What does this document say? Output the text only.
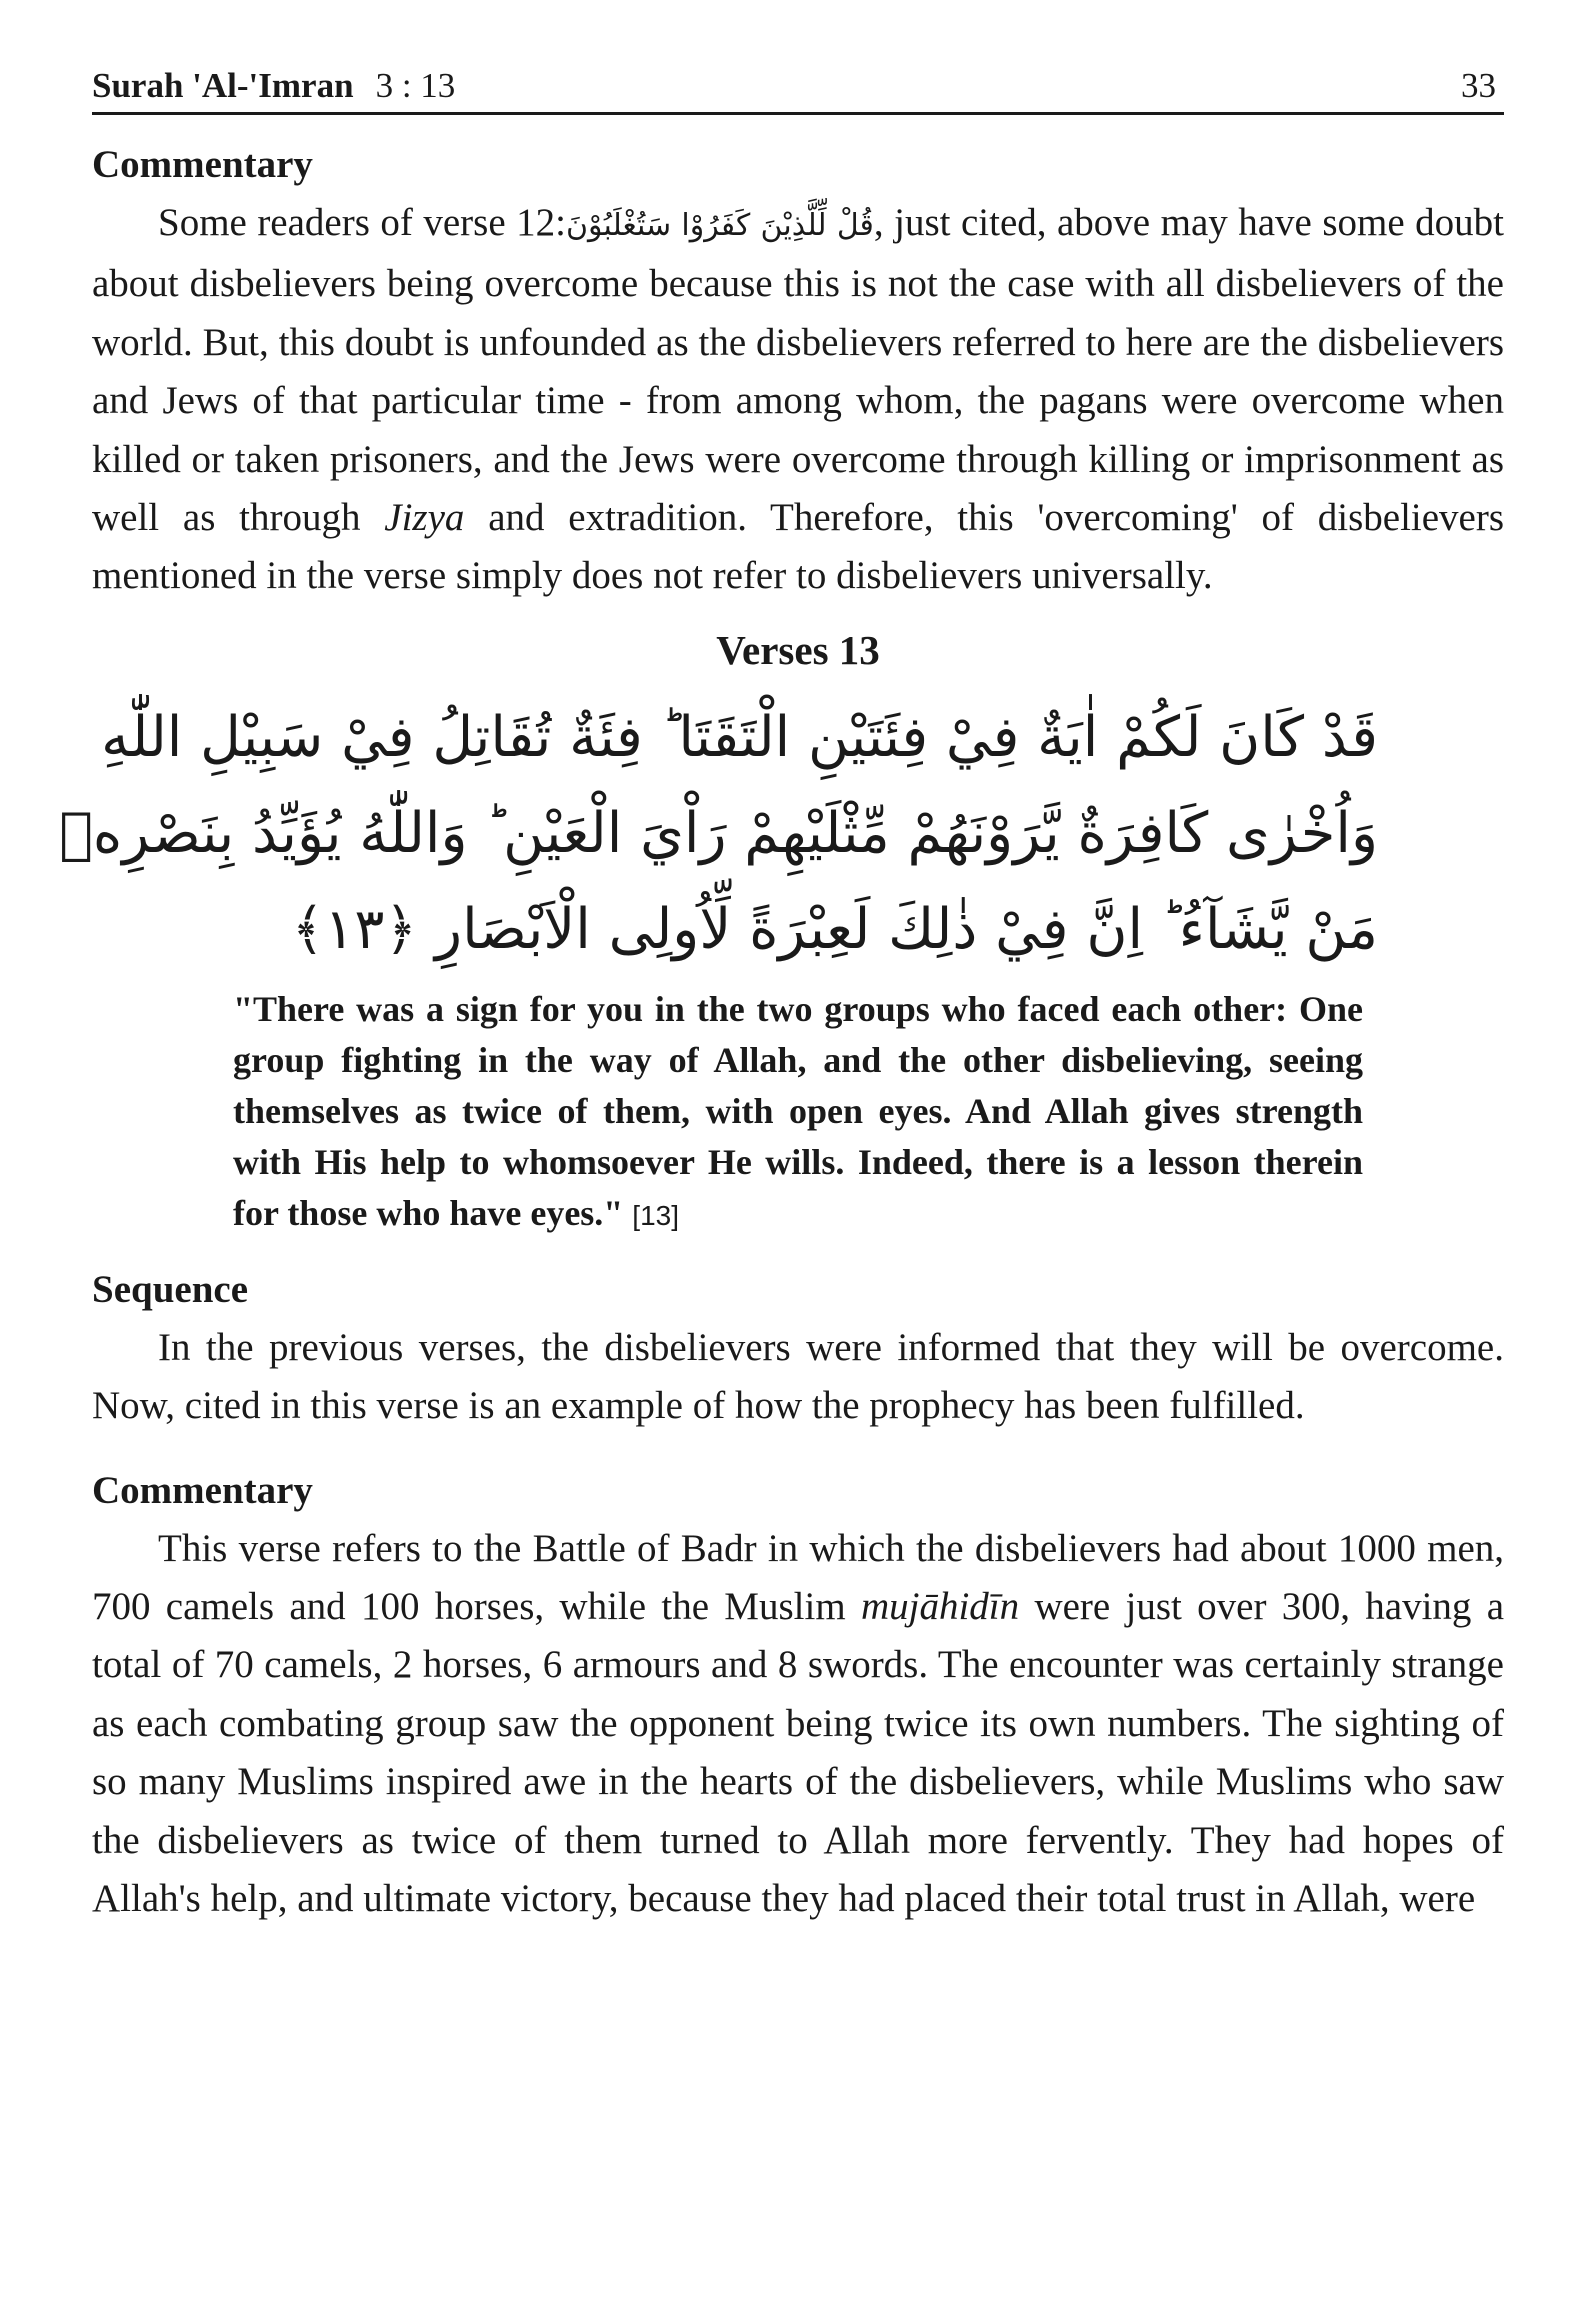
Surah 'Al-'Imran 3 : 13	33
Commentary

Some readers of verse 12:قُلْ لِّلَّذِيْنَ كَفَرُوْا سَتُغْلَبُوْنَ, just cited, above may have some doubt about disbelievers being overcome because this is not the case with all disbelievers of the world. But, this doubt is unfounded as the disbelievers referred to here are the disbelievers and Jews of that particular time - from among whom, the pagans were overcome when killed or taken prisoners, and the Jews were overcome through killing or imprisonment as well as through Jizya and extradition. Therefore, this 'overcoming' of disbelievers mentioned in the verse simply does not refer to disbelievers universally.

Verses 13
قَدْ كَانَ لَكُمْ اٰيَةٌ فِيْ فِئَتَيْنِ الْتَقَتَا ؕ فِئَةٌ تُقَاتِلُ فِيْ سَبِيْلِ اللّٰهِ
وَاُخْرٰى كَافِرَةٌ يَّرَوْنَهُمْ مِّثْلَيْهِمْ رَاْيَ الْعَيْنِ ؕ وَاللّٰهُ يُؤَيِّدُ بِنَصْرِهٖ
مَنْ يَّشَآءُ ؕ اِنَّ فِيْ ذٰلِكَ لَعِبْرَةً لِّاُولِى الْاَبْصَارِ ﴿۱۳﴾
"There was a sign for you in the two groups who faced each other: One group fighting in the way of Allah, and the other disbelieving, seeing themselves as twice of them, with open eyes. And Allah gives strength with His help to whomsoever He wills. Indeed, there is a lesson therein for those who have eyes." [13]
Sequence

In the previous verses, the disbelievers were informed that they will be overcome. Now, cited in this verse is an example of how the prophecy has been fulfilled.

Commentary

This verse refers to the Battle of Badr in which the disbelievers had about 1000 men, 700 camels and 100 horses, while the Muslim mujāhidīn were just over 300, having a total of 70 camels, 2 horses, 6 armours and 8 swords. The encounter was certainly strange as each combating group saw the opponent being twice its own numbers. The sighting of so many Muslims inspired awe in the hearts of the disbelievers, while Muslims who saw the disbelievers as twice of them turned to Allah more fervently. They had hopes of Allah's help, and ultimate victory, because they had placed their total trust in Allah, were
